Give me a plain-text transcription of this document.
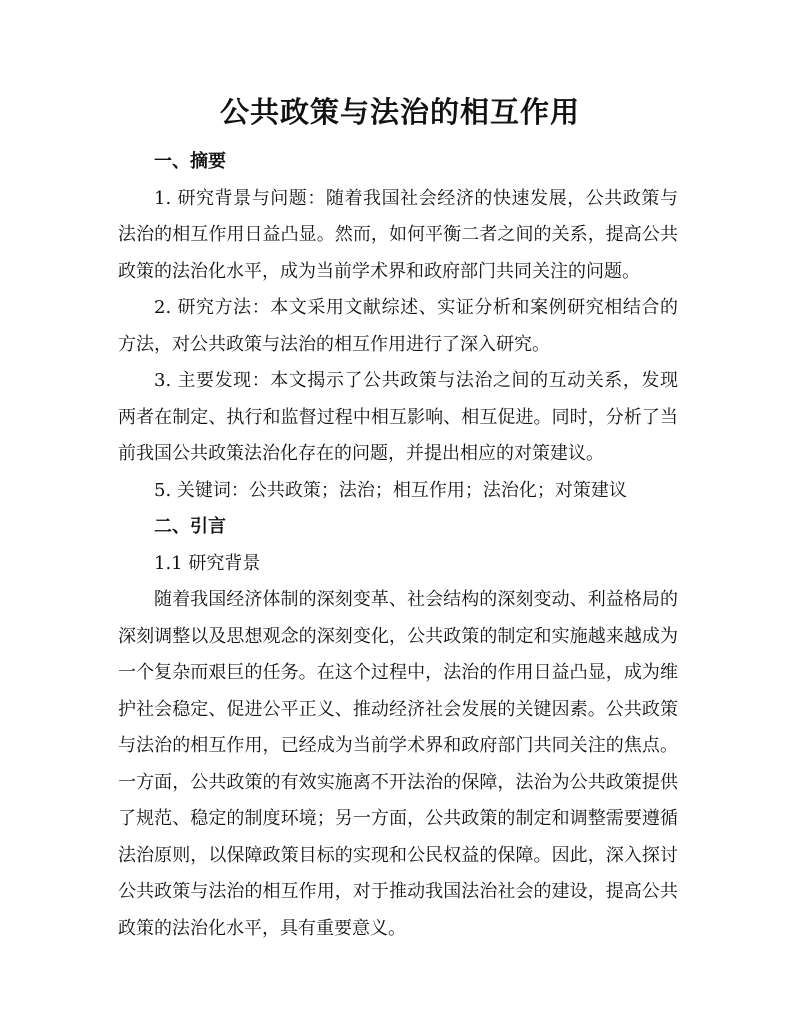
公共政策与法治的相互作用

一、摘要

1. 研究背景与问题：随着我国社会经济的快速发展，公共政策与法治的相互作用日益凸显。然而，如何平衡二者之间的关系，提高公共政策的法治化水平，成为当前学术界和政府部门共同关注的问题。

2. 研究方法：本文采用文献综述、实证分析和案例研究相结合的方法，对公共政策与法治的相互作用进行了深入研究。

3. 主要发现：本文揭示了公共政策与法治之间的互动关系，发现两者在制定、执行和监督过程中相互影响、相互促进。同时，分析了当前我国公共政策法治化存在的问题，并提出相应的对策建议。

5. 关键词：公共政策；法治；相互作用；法治化；对策建议

二、引言

1.1 研究背景

随着我国经济体制的深刻变革、社会结构的深刻变动、利益格局的深刻调整以及思想观念的深刻变化，公共政策的制定和实施越来越成为一个复杂而艰巨的任务。在这个过程中，法治的作用日益凸显，成为维护社会稳定、促进公平正义、推动经济社会发展的关键因素。公共政策与法治的相互作用，已经成为当前学术界和政府部门共同关注的焦点。一方面，公共政策的有效实施离不开法治的保障，法治为公共政策提供了规范、稳定的制度环境；另一方面，公共政策的制定和调整需要遵循法治原则，以保障政策目标的实现和公民权益的保障。因此，深入探讨公共政策与法治的相互作用，对于推动我国法治社会的建设，提高公共政策的法治化水平，具有重要意义。
